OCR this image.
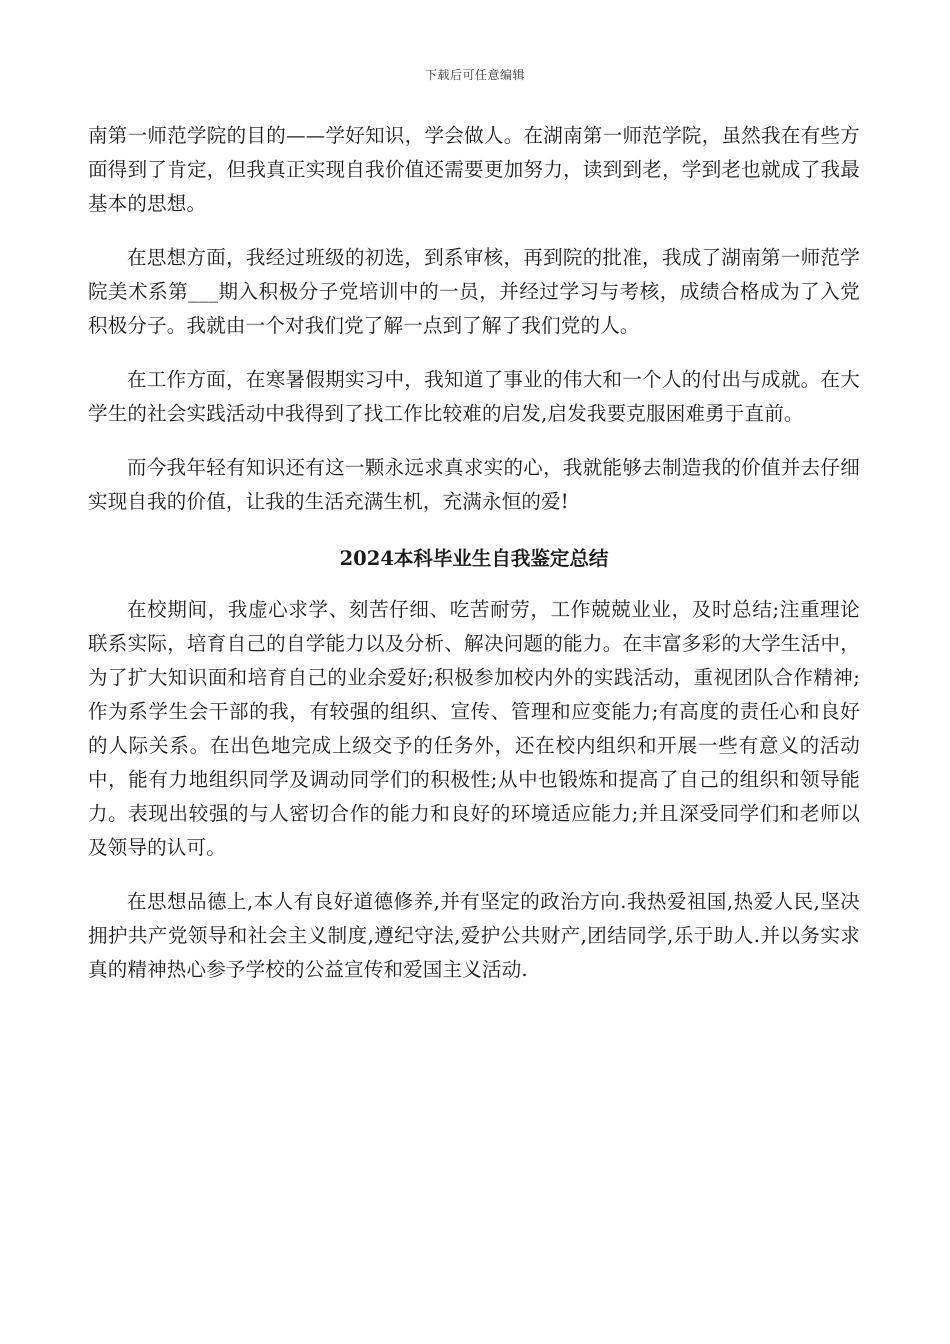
下载后可任意编辑

南第一师范学院的目的——学好知识，学会做人。在湖南第一师范学院，虽然我在有些方面得到了肯定，但我真正实现自我价值还需要更加努力，读到到老，学到老也就成了我最基本的思想。

在思想方面，我经过班级的初选，到系审核，再到院的批准，我成了湖南第一师范学院美术系第___期入积极分子党培训中的一员，并经过学习与考核，成绩合格成为了入党积极分子。我就由一个对我们党了解一点到了解了我们党的人。

在工作方面，在寒暑假期实习中，我知道了事业的伟大和一个人的付出与成就。在大学生的社会实践活动中我得到了找工作比较难的启发,启发我要克服困难勇于直前。

而今我年轻有知识还有这一颗永远求真求实的心，我就能够去制造我的价值并去仔细实现自我的价值，让我的生活充满生机，充满永恒的爱!

2024本科毕业生自我鉴定总结

在校期间，我虚心求学、刻苦仔细、吃苦耐劳，工作兢兢业业，及时总结;注重理论联系实际，培育自己的自学能力以及分析、解决问题的能力。在丰富多彩的大学生活中，为了扩大知识面和培育自己的业余爱好;积极参加校内外的实践活动，重视团队合作精神;作为系学生会干部的我，有较强的组织、宣传、管理和应变能力;有高度的责任心和良好的人际关系。在出色地完成上级交予的任务外，还在校内组织和开展一些有意义的活动中，能有力地组织同学及调动同学们的积极性;从中也锻炼和提高了自己的组织和领导能力。表现出较强的与人密切合作的能力和良好的环境适应能力;并且深受同学们和老师以及领导的认可。

在思想品德上,本人有良好道德修养,并有坚定的政治方向.我热爱祖国,热爱人民,坚决拥护共产党领导和社会主义制度,遵纪守法,爱护公共财产,团结同学,乐于助人.并以务实求真的精神热心参予学校的公益宣传和爱国主义活动.
